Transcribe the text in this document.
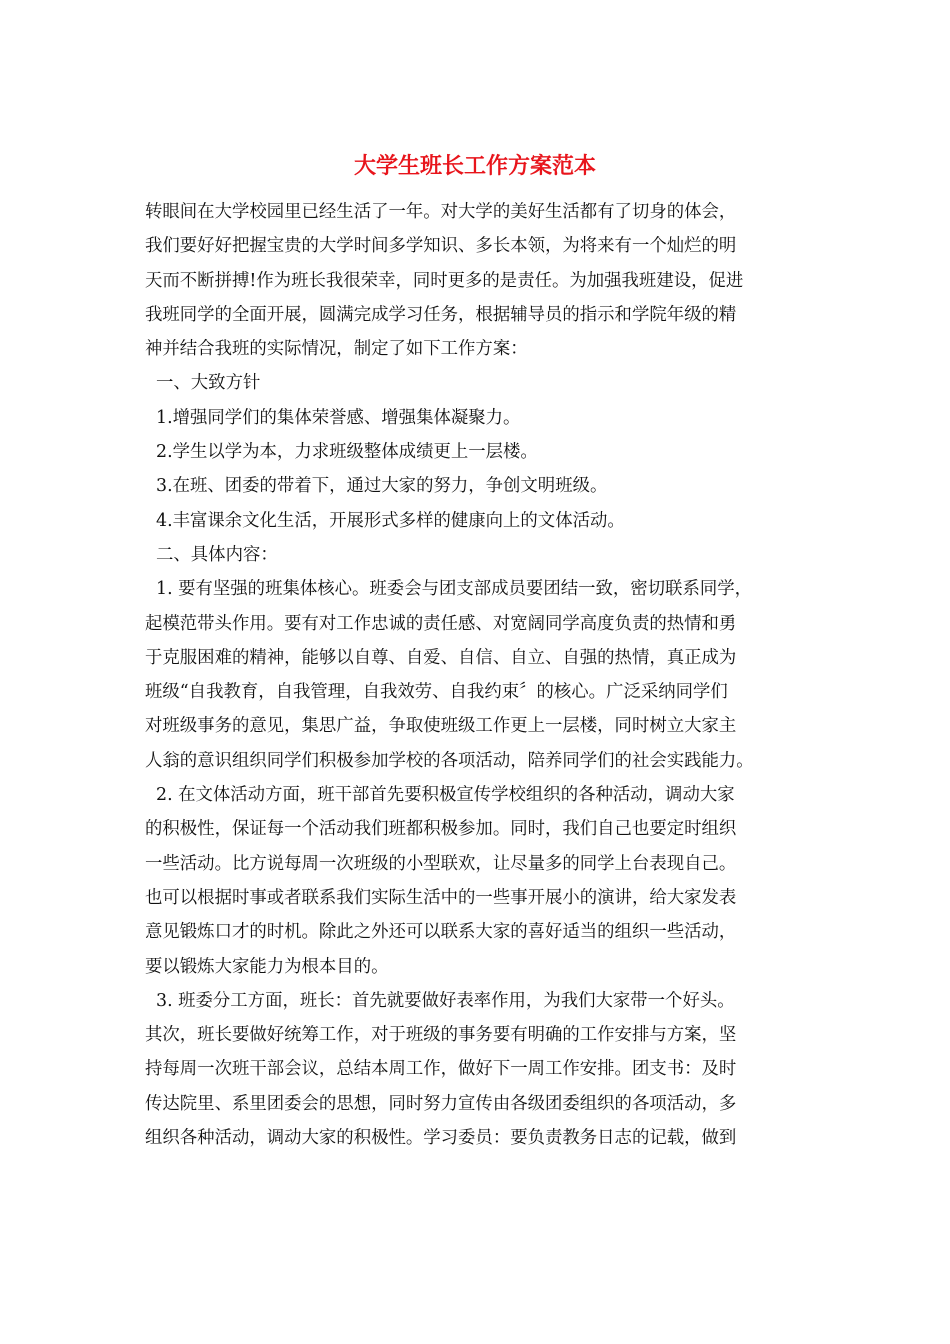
大学生班长工作方案范本
转眼间在大学校园里已经生活了一年。对大学的美好生活都有了切身的体会，
我们要好好把握宝贵的大学时间多学知识、多长本领，为将来有一个灿烂的明
天而不断拼搏!作为班长我很荣幸，同时更多的是责任。为加强我班建设，促进
我班同学的全面开展，圆满完成学习任务，根据辅导员的指示和学院年级的精
神并结合我班的实际情况，制定了如下工作方案：
一、大致方针
1.增强同学们的集体荣誉感、增强集体凝聚力。
2.学生以学为本，力求班级整体成绩更上一层楼。
3.在班、团委的带着下，通过大家的努力，争创文明班级。
4.丰富课余文化生活，开展形式多样的健康向上的文体活动。
二、具体内容：
1. 要有坚强的班集体核心。班委会与团支部成员要团结一致，密切联系同学，
起模范带头作用。要有对工作忠诚的责任感、对宽阔同学高度负责的热情和勇
于克服困难的精神，能够以自尊、自爱、自信、自立、自强的热情，真正成为
班级“自我教育，自我管理，自我效劳、自我约束〞的核心。广泛采纳同学们
对班级事务的意见，集思广益，争取使班级工作更上一层楼，同时树立大家主
人翁的意识组织同学们积极参加学校的各项活动，陪养同学们的社会实践能力。
2. 在文体活动方面，班干部首先要积极宣传学校组织的各种活动，调动大家
的积极性，保证每一个活动我们班都积极参加。同时，我们自己也要定时组织
一些活动。比方说每周一次班级的小型联欢，让尽量多的同学上台表现自己。
也可以根据时事或者联系我们实际生活中的一些事开展小的演讲，给大家发表
意见锻炼口才的时机。除此之外还可以联系大家的喜好适当的组织一些活动，
要以锻炼大家能力为根本目的。
3. 班委分工方面，班长：首先就要做好表率作用，为我们大家带一个好头。
其次，班长要做好统筹工作，对于班级的事务要有明确的工作安排与方案，坚
持每周一次班干部会议，总结本周工作，做好下一周工作安排。团支书：及时
传达院里、系里团委会的思想，同时努力宣传由各级团委组织的各项活动，多
组织各种活动，调动大家的积极性。学习委员：要负责教务日志的记载，做到
